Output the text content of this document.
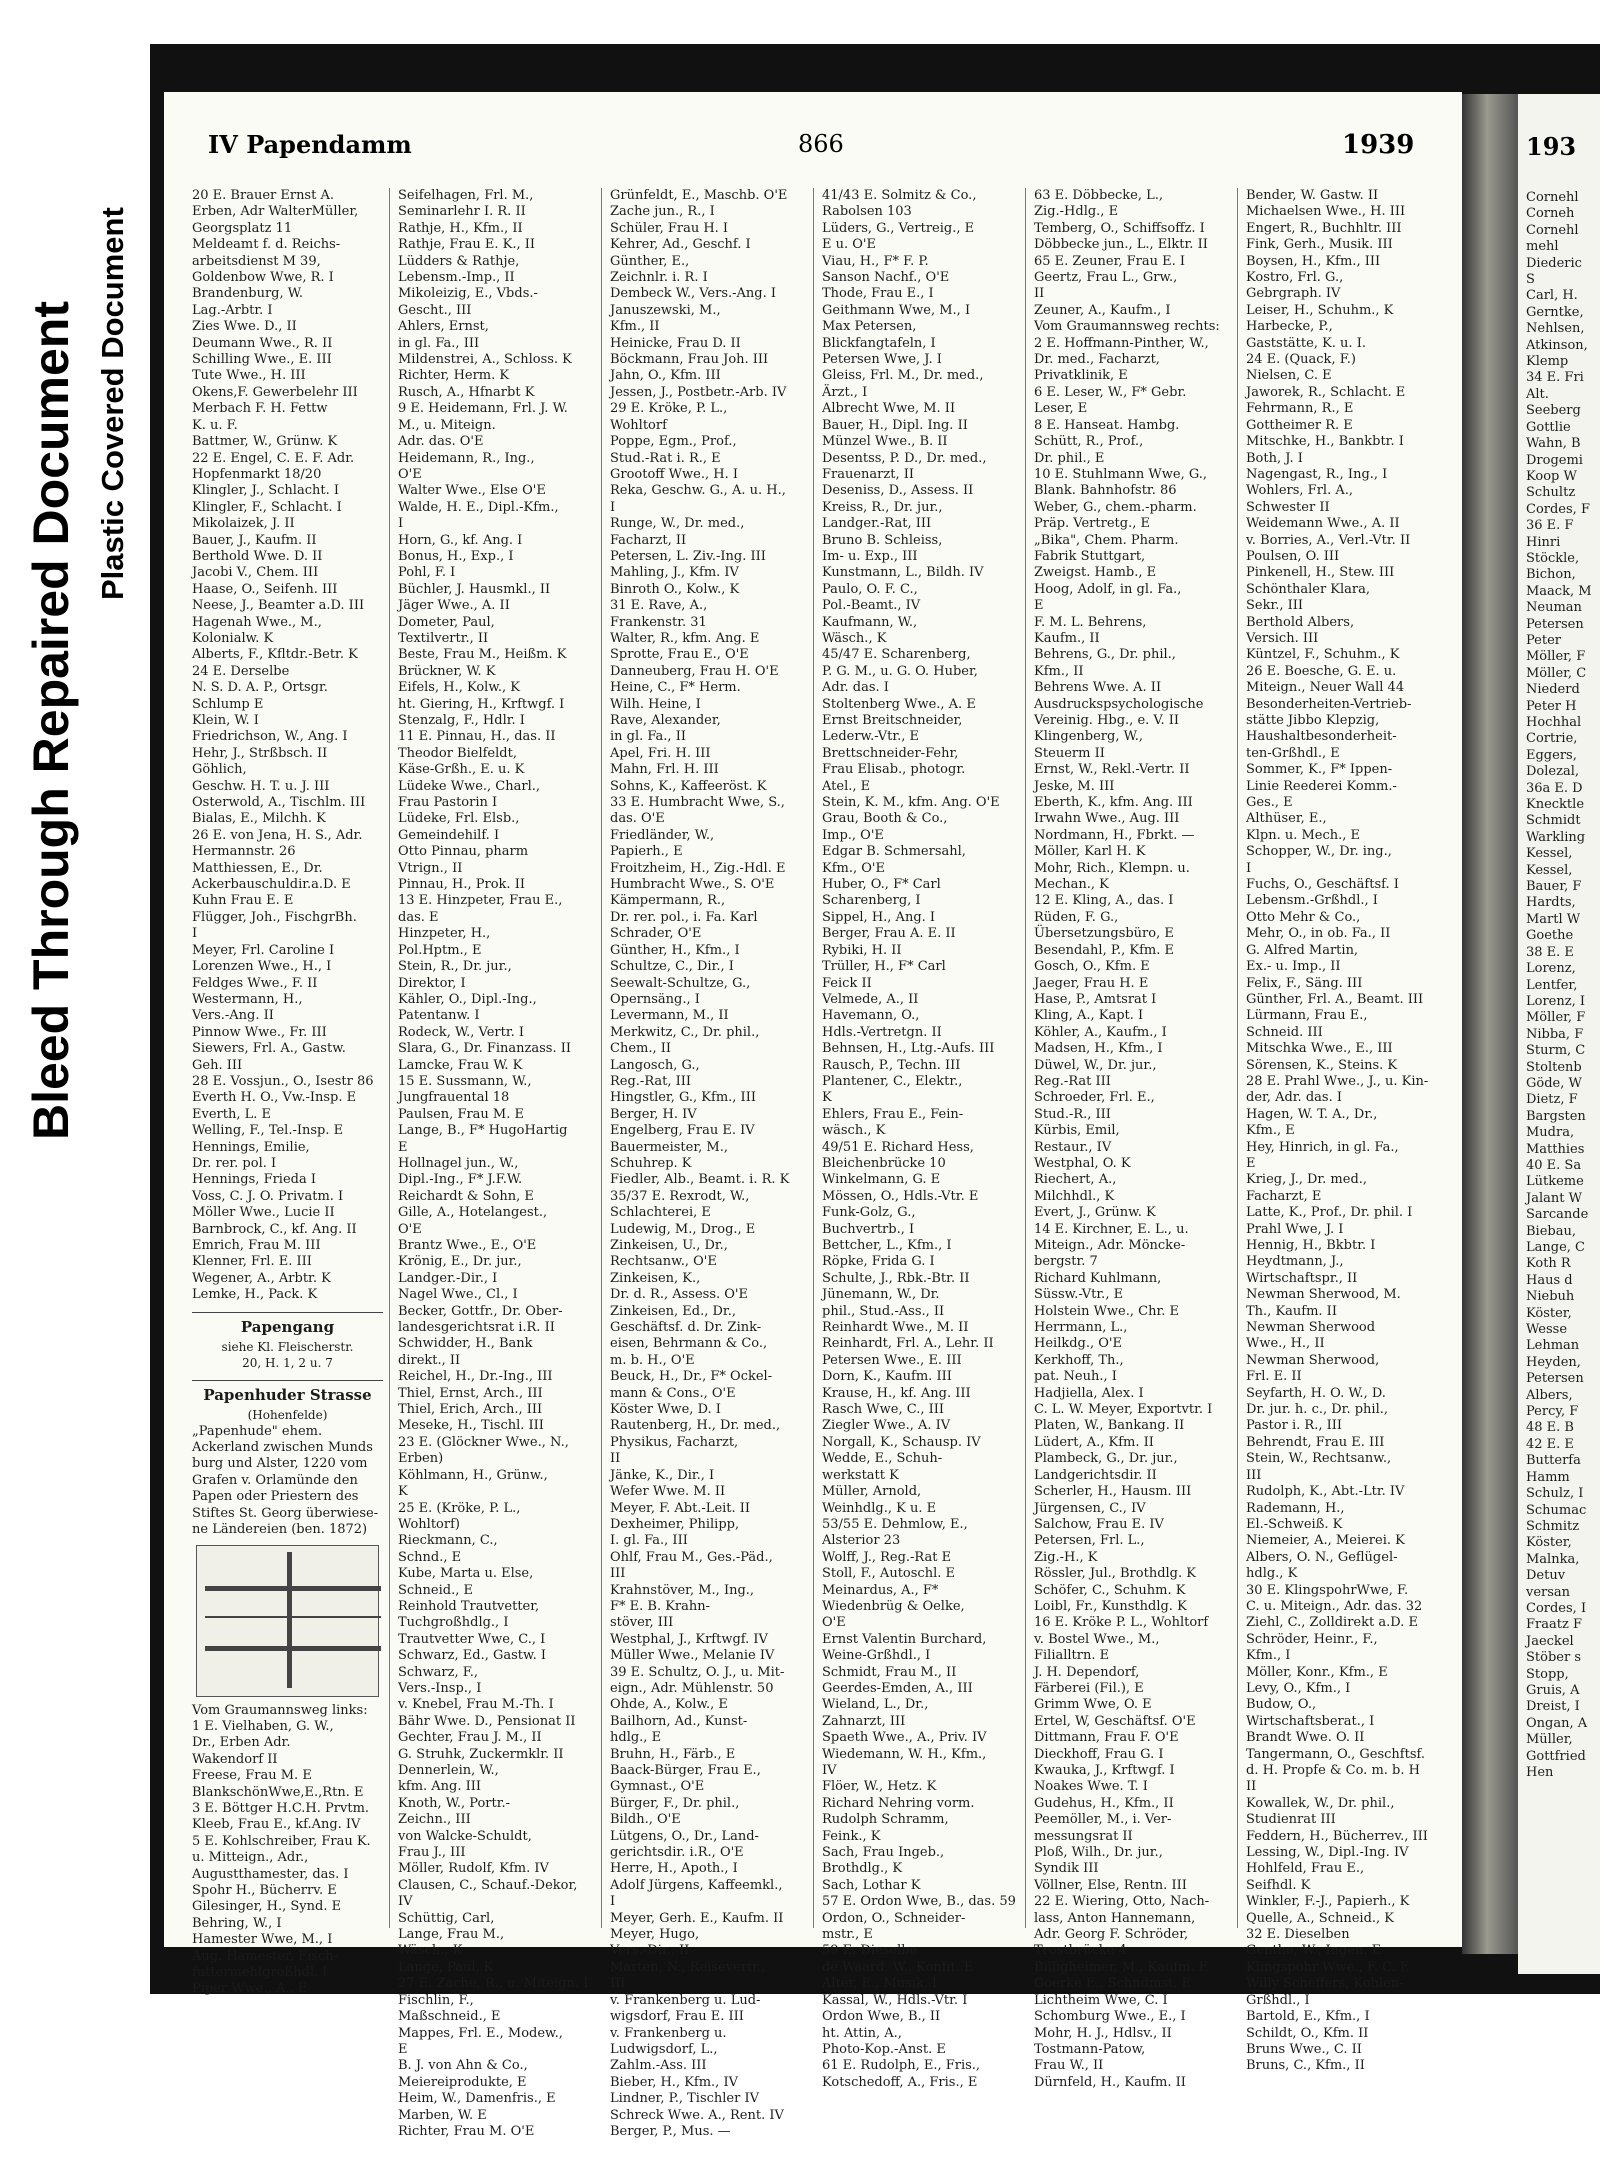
Bleed Through Repaired Document Plastic Covered Document
IV Papendamm	866	1939
20 E. Brauer Ernst A.
Erben, Adr WalterMüller,
Georgsplatz 11
Meldeamt f. d. Reichs-
arbeitsdienst M 39,
Goldenbow Wwe, R. I
Brandenburg, W.
Lag.-Arbtr. I
Zies Wwe. D., II
Deumann Wwe., R. II
Schilling Wwe., E. III
Tute Wwe., H. III
Okens,F. Gewerbelehr III
Merbach F. H. Fettw
K. u. F.
Battmer, W., Grünw. K
22 E. Engel, C. E. F. Adr.
Hopfenmarkt 18/20
Klingler, J., Schlacht. I
Klingler, F., Schlacht. I
Mikolaizek, J. II
Bauer, J., Kaufm. II
Berthold Wwe. D. II
Jacobi V., Chem. III
Haase, O., Seifenh. III
Neese, J., Beamter a.D. III
Hagenah Wwe., M.,
Kolonialw. K
Alberts, F., Kfltdr.-Betr. K
24 E. Derselbe
N. S. D. A. P., Ortsgr.
Schlump E
Klein, W. I
Friedrichson, W., Ang. I
Hehr, J., Strßbsch. II
Göhlich,
Geschw. H. T. u. J. III
Osterwold, A., Tischlm. III
Bialas, E., Milchh. K
26 E. von Jena, H. S., Adr.
Hermannstr. 26
Matthiessen, E., Dr.
Ackerbauschuldir.a.D. E
Kuhn Frau E. E
Flügger, Joh., FischgrBh.
I
Meyer, Frl. Caroline I
Lorenzen Wwe., H., I
Feldges Wwe., F. II
Westermann, H.,
Vers.-Ang. II
Pinnow Wwe., Fr. III
Siewers, Frl. A., Gastw.
Geh. III
28 E. Vossjun., O., Isestr 86
Everth H. O., Vw.-Insp. E
Everth, L. E
Welling, F., Tel.-Insp. E
Hennings, Emilie,
Dr. rer. pol. I
Hennings, Frieda I
Voss, C. J. O. Privatm. I
Möller Wwe., Lucie II
Barnbrock, C., kf. Ang. II
Emrich, Frau M. III
Klenner, Frl. E. III
Wegener, A., Arbtr. K
Lemke, H., Pack. K
Papengang
siehe Kl. Fleischerstr.
20, H. 1, 2 u. 7
Papenhuder Strasse
(Hohenfelde)
„Papenhude" ehem.
Ackerland zwischen Munds
burg und Alster, 1220 vom
Grafen v. Orlamünde den
Papen oder Priestern des
Stiftes St. Georg überwiese-
ne Ländereien (ben. 1872)
Vom Graumannsweg links:
1 E. Vielhaben, G. W.,
Dr., Erben Adr.
Wakendorf II
Freese, Frau M. E
BlankschönWwe,E.,Rtn. E
3 E. Böttger H.C.H. Prvtm.
Kleeb, Frau E., kf.Ang. IV
5 E. Kohlschreiber, Frau K.
u. Mitteign., Adr.,
Augustthamester, das. I
Spohr H., Bücherrv. E
Gilesinger, H., Synd. E
Behring, W., I
Hamester Wwe, M., I
Aug. Hamester, Fisch-
futtermehlgroßhdl. I
Piper Wwe., A., E
Seifelhagen, Frl. M.,
Seminarlehr I. R. II
Rathje, H., Kfm., II
Rathje, Frau E. K., II
Lüdders & Rathje,
Lebensm.-Imp., II
Mikoleizig, E., Vbds.-
Gescht., III
Ahlers, Ernst,
in gl. Fa., III
Mildenstrei, A., Schloss. K
Richter, Herm. K
Rusch, A., Hfnarbt K
9 E. Heidemann, Frl. J. W.
M., u. Miteign.
Adr. das. O'E
Heidemann, R., Ing.,
O'E
Walter Wwe., Else O'E
Walde, H. E., Dipl.-Kfm.,
I
Horn, G., kf. Ang. I
Bonus, H., Exp., I
Pohl, F. I
Büchler, J. Hausmkl., II
Jäger Wwe., A. II
Dometer, Paul,
Textilvertr., II
Beste, Frau M., Heißm. K
Brückner, W. K
Eifels, H., Kolw., K
ht. Giering, H., Krftwgf. I
Stenzalg, F., Hdlr. I
11 E. Pinnau, H., das. II
Theodor Bielfeldt,
Käse-Grßh., E. u. K
Lüdeke Wwe., Charl.,
Frau Pastorin I
Lüdeke, Frl. Elsb.,
Gemeindehilf. I
Otto Pinnau, pharm
Vtrign., II
Pinnau, H., Prok. II
13 E. Hinzpeter, Frau E.,
das. E
Hinzpeter, H.,
Pol.Hptm., E
Stein, R., Dr. jur.,
Direktor, I
Kähler, O., Dipl.-Ing.,
Patentanw. I
Rodeck, W., Vertr. I
Slara, G., Dr. Finanzass. II
Lamcke, Frau W. K
15 E. Sussmann, W.,
Jungfrauental 18
Paulsen, Frau M. E
Lange, B., F* HugoHartig
E
Hollnagel jun., W.,
Dipl.-Ing., F* J.F.W.
Reichardt & Sohn, E
Gille, A., Hotelangest.,
O'E
Brantz Wwe., E., O'E
Krönig, E., Dr. jur.,
Landger.-Dir., I
Nagel Wwe., Cl., I
Becker, Gottfr., Dr. Ober-
landesgerichtsrat i.R. II
Schwidder, H., Bank
direkt., II
Reichel, H., Dr.-Ing., III
Thiel, Ernst, Arch., III
Thiel, Erich, Arch., III
Meseke, H., Tischl. III
23 E. (Glöckner Wwe., N.,
Erben)
Köhlmann, H., Grünw.,
K
25 E. (Kröke, P. L.,
Wohltorf)
Rieckmann, C.,
Schnd., E
Kube, Marta u. Else,
Schneid., E
Reinhold Trautvetter,
Tuchgroßhdlg., I
Trautvetter Wwe, C., I
Schwarz, Ed., Gastw. I
Schwarz, F.,
Vers.-Insp., I
v. Knebel, Frau M.-Th. I
Bähr Wwe. D., Pensionat II
Gechter, Frau J. M., II
G. Struhk, Zuckermklr. II
Dennerlein, W.,
kfm. Ang. III
Knoth, W., Portr.-
Zeichn., III
von Walcke-Schuldt,
Frau J., III
Möller, Rudolf, Kfm. IV
Clausen, C., Schauf.-Dekor,
IV
Schüttig, Carl,
Lange, Frau M.,
Wäsch., K
Lange, Paul, K
27 E. Zache, R., u. Miteign. I
Fischlin, F.,
Maßschneid., E
Mappes, Frl. E., Modew.,
E
B. J. von Ahn & Co.,
Meiereiprodukte, E
Heim, W., Damenfris., E
Marben, W. E
Richter, Frau M. O'E
Grünfeldt, E., Maschb. O'E
Zache jun., R., I
Schüler, Frau H. I
Kehrer, Ad., Geschf. I
Günther, E.,
Zeichnlr. i. R. I
Dembeck W., Vers.-Ang. I
Januszewski, M.,
Kfm., II
Heinicke, Frau D. II
Böckmann, Frau Joh. III
Jahn, O., Kfm. III
Jessen, J., Postbetr.-Arb. IV
29 E. Kröke, P. L.,
Wohltorf
Poppe, Egm., Prof.,
Stud.-Rat i. R., E
Grootoff Wwe., H. I
Reka, Geschw. G., A. u. H.,
I
Runge, W., Dr. med.,
Facharzt, II
Petersen, L. Ziv.-Ing. III
Mahling, J., Kfm. IV
Binroth O., Kolw., K
31 E. Rave, A.,
Frankenstr. 31
Walter, R., kfm. Ang. E
Sprotte, Frau E., O'E
Danneuberg, Frau H. O'E
Heine, C., F* Herm.
Wilh. Heine, I
Rave, Alexander,
in gl. Fa., II
Apel, Fri. H. III
Mahn, Frl. H. III
Sohns, K., Kaffeeröst. K
33 E. Humbracht Wwe, S.,
das. O'E
Friedländer, W.,
Papierh., E
Froitzheim, H., Zig.-Hdl. E
Humbracht Wwe., S. O'E
Kämpermann, R.,
Dr. rer. pol., i. Fa. Karl
Schrader, O'E
Günther, H., Kfm., I
Schultze, C., Dir., I
Seewalt-Schultze, G.,
Opernsäng., I
Levermann, M., II
Merkwitz, C., Dr. phil.,
Chem., II
Langosch, G.,
Reg.-Rat, III
Hingstler, G., Kfm., III
Berger, H. IV
Engelberg, Frau E. IV
Bauermeister, M.,
Schuhrep. K
Fiedler, Alb., Beamt. i. R. K
35/37 E. Rexrodt, W.,
Schlachterei, E
Ludewig, M., Drog., E
Zinkeisen, U., Dr.,
Rechtsanw., O'E
Zinkeisen, K.,
Dr. d. R., Assess. O'E
Zinkeisen, Ed., Dr.,
Geschäftsf. d. Dr. Zink-
eisen, Behrmann & Co.,
m. b. H., O'E
Beuck, H., Dr., F* Ockel-
mann & Cons., O'E
Köster Wwe, D. I
Rautenberg, H., Dr. med.,
Physikus, Facharzt,
II
Jänke, K., Dir., I
Wefer Wwe. M. II
Meyer, F. Abt.-Leit. II
Dexheimer, Philipp,
I. gl. Fa., III
Ohlf, Frau M., Ges.-Päd.,
III
Krahnstöver, M., Ing.,
F* E. B. Krahn-
stöver, III
Westphal, J., Krftwgf. IV
Müller Wwe., Melanie IV
39 E. Schultz, O. J., u. Mit-
eign., Adr. Mühlenstr. 50
Ohde, A., Kolw., E
Bailhorn, Ad., Kunst-
hdlg., E
Bruhn, H., Färb., E
Baack-Bürger, Frau E.,
Gymnast., O'E
Bürger, F., Dr. phil.,
Bildh., O'E
Lütgens, O., Dr., Land-
gerichtsdir. i.R., O'E
Herre, H., Apoth., I
Adolf Jürgens, Kaffeemkl.,
I
Meyer, Gerh. E., Kaufm. II
Meyer, Hugo,
Vers.-Dir., II
Marten, N., Reisevertr.,
III
v. Frankenberg u. Lud-
wigsdorf, Frau E. III
v. Frankenberg u.
Ludwigsdorf, L.,
Zahlm.-Ass. III
Bieber, H., Kfm., IV
Lindner, P., Tischler IV
Schreck Wwe. A., Rent. IV
Berger, P., Mus. —
41/43 E. Solmitz & Co.,
Rabolsen 103
Lüders, G., Vertreig., E
E u. O'E
Viau, H., F* F. P.
Sanson Nachf., O'E
Thode, Frau E., I
Geithmann Wwe, M., I
Max Petersen,
Blickfangtafeln, I
Petersen Wwe, J. I
Gleiss, Frl. M., Dr. med.,
Ärzt., I
Albrecht Wwe, M. II
Bauer, H., Dipl. Ing. II
Münzel Wwe., B. II
Desentss, P. D., Dr. med.,
Frauenarzt, II
Deseniss, D., Assess. II
Kreiss, R., Dr. jur.,
Landger.-Rat, III
Bruno B. Schleiss,
Im- u. Exp., III
Kunstmann, L., Bildh. IV
Paulo, O. F. C.,
Pol.-Beamt., IV
Kaufmann, W.,
Wäsch., K
45/47 E. Scharenberg,
P. G. M., u. G. O. Huber,
Adr. das. I
Stoltenberg Wwe., A. E
Ernst Breitschneider,
Lederw.-Vtr., E
Brettschneider-Fehr,
Frau Elisab., photogr.
Atel., E
Stein, K. M., kfm. Ang. O'E
Grau, Booth & Co.,
Imp., O'E
Edgar B. Schmersahl,
Kfm., O'E
Huber, O., F* Carl
Scharenberg, I
Sippel, H., Ang. I
Berger, Frau A. E. II
Rybiki, H. II
Trüller, H., F* Carl
Feick II
Velmede, A., II
Havemann, O.,
Hdls.-Vertretgn. II
Behnsen, H., Ltg.-Aufs. III
Rausch, P., Techn. III
Plantener, C., Elektr.,
K
Ehlers, Frau E., Fein-
wäsch., K
49/51 E. Richard Hess,
Bleichenbrücke 10
Winkelmann, G. E
Mössen, O., Hdls.-Vtr. E
Funk-Golz, G.,
Buchvertrb., I
Bettcher, L., Kfm., I
Röpke, Frida G. I
Schulte, J., Rbk.-Btr. II
Jünemann, W., Dr.
phil., Stud.-Ass., II
Reinhardt Wwe., M. II
Reinhardt, Frl. A., Lehr. II
Petersen Wwe., E. III
Dorn, K., Kaufm. III
Krause, H., kf. Ang. III
Rasch Wwe, C., III
Ziegler Wwe., A. IV
Norgall, K., Schausp. IV
Wedde, E., Schuh-
werkstatt K
Müller, Arnold,
Weinhdlg., K u. E
53/55 E. Dehmlow, E.,
Alsterior 23
Wolff, J., Reg.-Rat E
Stoll, F., Autoschl. E
Meinardus, A., F*
Wiedenbrüg & Oelke,
O'E
Ernst Valentin Burchard,
Weine-Grßhdl., I
Schmidt, Frau M., II
Geerdes-Emden, A., III
Wieland, L., Dr.,
Zahnarzt, III
Spaeth Wwe., A., Priv. IV
Wiedemann, W. H., Kfm.,
IV
Flöer, W., Hetz. K
Richard Nehring vorm.
Rudolph Schramm,
Feink., K
Sach, Frau Ingeb.,
Brothdlg., K
Sach, Lothar K
57 E. Ordon Wwe, B., das. 59
Ordon, O., Schneider-
mstr., E
59 E. Dieselbe
de Waard, W., Konfit. E
Alter, E., Musik. I
Kassal, W., Hdls.-Vtr. I
Ordon Wwe, B., II
ht. Attin, A.,
Photo-Kop.-Anst. E
61 E. Rudolph, E., Fris.,
Kotschedoff, A., Fris., E
63 E. Döbbecke, L.,
Zig.-Hdlg., E
Temberg, O., Schiffsoffz. I
Döbbecke jun., L., Elktr. II
65 E. Zeuner, Frau E. I
Geertz, Frau L., Grw.,
II
Zeuner, A., Kaufm., I
Vom Graumannsweg rechts:
2 E. Hoffmann-Pinther, W.,
Dr. med., Facharzt,
Privatklinik, E
6 E. Leser, W., F* Gebr.
Leser, E
8 E. Hanseat. Hambg.
Schütt, R., Prof.,
Dr. phil., E
10 E. Stuhlmann Wwe, G.,
Blank. Bahnhofstr. 86
Weber, G., chem.-pharm.
Präp. Vertretg., E
„Bika", Chem. Pharm.
Fabrik Stuttgart,
Zweigst. Hamb., E
Hoog, Adolf, in gl. Fa.,
E
F. M. L. Behrens,
Kaufm., II
Behrens, G., Dr. phil.,
Kfm., II
Behrens Wwe. A. II
Ausdruckspsychologische
Vereinig. Hbg., e. V. II
Klingenberg, W.,
Steuerm II
Ernst, W., Rekl.-Vertr. II
Jeske, M. III
Eberth, K., kfm. Ang. III
Irwahn Wwe., Aug. III
Nordmann, H., Fbrkt. —
Möller, Karl H. K
Mohr, Rich., Klempn. u.
Mechan., K
12 E. Kling, A., das. I
Rüden, F. G.,
Übersetzungsbüro, E
Besendahl, P., Kfm. E
Gosch, O., Kfm. E
Jaeger, Frau H. E
Hase, P., Amtsrat I
Kling, A., Kapt. I
Köhler, A., Kaufm., I
Madsen, H., Kfm., I
Düwel, W., Dr. jur.,
Reg.-Rat III
Schroeder, Frl. E.,
Stud.-R., III
Kürbis, Emil,
Restaur., IV
Westphal, O. K
Riechert, A.,
Milchhdl., K
Evert, J., Grünw. K
14 E. Kirchner, E. L., u.
Miteign., Adr. Mönckе-
bergstr. 7
Richard Kuhlmann,
Süssw.-Vtr., E
Holstein Wwe., Chr. E
Herrmann, L.,
Heilkdg., O'E
Kerkhoff, Th.,
pat. Neuh., I
Hadjiella, Alex. I
C. L. W. Meyer, Exportvtr. I
Platen, W., Bankang. II
Lüdert, A., Kfm. II
Plambeck, G., Dr. jur.,
Landgerichtsdir. II
Scherler, H., Hausm. III
Jürgensen, C., IV
Salchow, Frau E. IV
Petersen, Frl. L.,
Zig.-H., K
Rössler, Jul., Brothdlg. K
Schöfer, C., Schuhm. K
Loibl, Fr., Kunsthdlg. K
16 E. Kröke P. L., Wohltorf
v. Bostel Wwe., M.,
Filialltrn. E
J. H. Dependorf,
Färberei (Fil.), E
Grimm Wwe, O. E
Ertel, W, Geschäftsf. O'E
Dittmann, Frau F. O'E
Dieckhoff, Frau G. I
Kwauka, J., Krftwgf. I
Noakes Wwe. T. I
Gudehus, H., Kfm., II
Peemöller, M., i. Ver-
messungsrat II
Ploß, Wilh., Dr. jur.,
Syndik III
Völlner, Else, Rentn. III
22 E. Wiering, Otto, Nach-
lass, Anton Hannemann,
Adr. Georg F. Schröder,
Trostbrücke 4
Billigheimer, M., Kaufm. E
Goerke E., Schndmst. E
Lichtheim Wwe, C. I
Schomburg Wwe., E., I
Mohr, H. J., Hdlsv., II
Tostmann-Patow,
Frau W., II
Dürnfeld, H., Kaufm. II
Bender, W. Gastw. II
Michaelsen Wwe., H. III
Engert, R., Buchhltr. III
Fink, Gerh., Musik. III
Boysen, H., Kfm., III
Kostro, Frl. G.,
Gebrgraph. IV
Leiser, H., Schuhm., K
Harbecke, P.,
Gaststätte, K. u. I.
24 E. (Quack, F.)
Nielsen, C. E
Jaworek, R., Schlacht. E
Fehrmann, R., E
Gottheimer R. E
Mitschke, H., Bankbtr. I
Both, J. I
Nagengast, R., Ing., I
Wohlers, Frl. A.,
Schwester II
Weidemann Wwe., A. II
v. Borries, A., Verl.-Vtr. II
Poulsen, O. III
Pinkenell, H., Stew. III
Schönthaler Klara,
Sekr., III
Berthold Albers,
Versich. III
Küntzel, F., Schuhm., K
26 E. Boesche, G. E. u.
Miteign., Neuer Wall 44
Besonderheiten-Vertrieb-
stätte Jibbo Klepzig,
Haushaltbesonderheit-
ten-Grßhdl., E
Sommer, K., F* Ippen-
Linie Reederei Komm.-
Ges., E
Althüser, E.,
Klpn. u. Mech., E
Schopper, W., Dr. ing.,
I
Fuchs, O., Geschäftsf. I
Lebensm.-Grßhdl., I
Otto Mehr & Co.,
Mehr, O., in ob. Fa., II
G. Alfred Martin,
Ex.- u. Imp., II
Felix, F., Säng. III
Günther, Frl. A., Beamt. III
Lürmann, Frau E.,
Schneid. III
Mitschka Wwe., E., III
Sörensen, K., Steins. K
28 E. Prahl Wwe., J., u. Kin-
der, Adr. das. I
Hagen, W. T. A., Dr.,
Kfm., E
Hey, Hinrich, in gl. Fa.,
E
Krieg, J., Dr. med.,
Facharzt, E
Latte, K., Prof., Dr. phil. I
Prahl Wwe, J. I
Hennig, H., Bkbtr. I
Heydtmann, J.,
Wirtschaftspr., II
Newman Sherwood, M.
Th., Kaufm. II
Newman Sherwood
Wwe., H., II
Newman Sherwood,
Frl. E. II
Seyfarth, H. O. W., D.
Dr. jur. h. c., Dr. phil.,
Pastor i. R., III
Behrendt, Frau E. III
Stein, W., Rechtsanw.,
III
Rudolph, K., Abt.-Ltr. IV
Rademann, H.,
El.-Schweiß. K
Niemeier, A., Meierei. K
Albers, O. N., Geflügel-
hdlg., K
30 E. KlingspohrWwe, F.
C. u. Miteign., Adr. das. 32
Ziehl, C., Zolldirekt a.D. E
Schröder, Heinr., F.,
Kfm., I
Möller, Konr., Kfm., E
Levy, O., Kfm., I
Budow, O.,
Wirtschaftsberat., I
Brandt Wwe. O. II
Tangermann, O., Geschftsf.
d. H. Propfe & Co. m. b. H
II
Kowallek, W., Dr. phil.,
Studienrat III
Feddern, H., Bücherrev., III
Lessing, W., Dipl.-Ing. IV
Hohlfeld, Frau E.,
Seifhdl. K
Winkler, F.-J., Papierh., K
Quelle, A., Schneid., K
32 E. Dieselben
Genthe, W., Ingen. E
Klingspohr Wwe., F. C. E
Willy Scheffers, Kohlen-
Grßhdl., I
Bartold, E., Kfm., I
Schildt, O., Kfm. II
Bruns Wwe., C. II
Bruns, C., Kfm., II
193
Cornehl
Corneh
Cornehl
mehl
Diederic
S
Carl, H.
Gerntke,
Nehlsen,
Atkinson,
Klemp
34 E. Fri
Alt.
Seeberg
Gottlie
Wahn, B
Drogemi
Koop W
Schultz
Cordes, F
36 E. F
Hinri
Stöckle,
Bichon,
Maack, M
Neuman
Petersen
Peter
Möller, F
Möller, C
Niederd
Peter H
Hochhal
Cortrie,
Eggers,
Dolezal,
36a E. D
Knecktle
Schmidt
Warkling
Kessel,
Kessel,
Bauer, F
Hardts,
Martl W
Goethe
38 E. E
Lorenz,
Lentfer,
Lorenz, I
Möller, F
Nibba, F
Sturm, C
Stoltenb
Göde, W
Dietz, F
Bargsten
Mudra,
Matthies
40 E. Sa
Lütkeme
Jalant W
Sarcande
Biebau,
Lange, C
Koth R
Haus d
Niebuh
Köster,
Wesse
Lehman
Heyden,
Petersen
Albers,
Percy, F
48 E. B
42 E. E
Butterfa
Hamm
Schulz, I
Schumac
Schmitz
Köster,
Malnka,
Detuv
versan
Cordes, I
Fraatz F
Jaeckel
Stöber s
Stopp,
Gruis, A
Dreist, I
Ongan, A
Müller,
Gottfried
Hen
